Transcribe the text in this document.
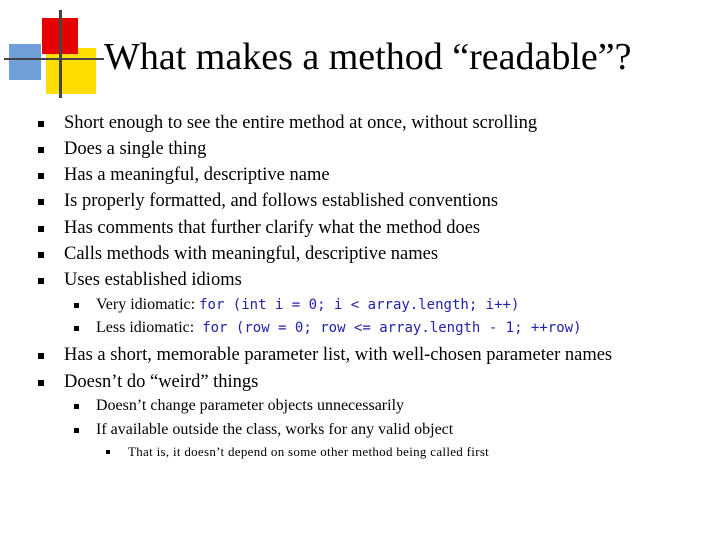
What makes a method “readable”?
Short enough to see the entire method at once, without scrolling
Does a single thing
Has a meaningful, descriptive name
Is properly formatted, and follows established conventions
Has comments that further clarify what the method does
Calls methods with meaningful, descriptive names
Uses established idioms
Very idiomatic: for (int i = 0; i < array.length; i++)
Less idiomatic:  for (row = 0; row <= array.length - 1; ++row)
Has a short, memorable parameter list, with well-chosen parameter names
Doesn’t do “weird” things
Doesn’t change parameter objects unnecessarily
If available outside the class, works for any valid object
That is, it doesn’t depend on some other method being called first
